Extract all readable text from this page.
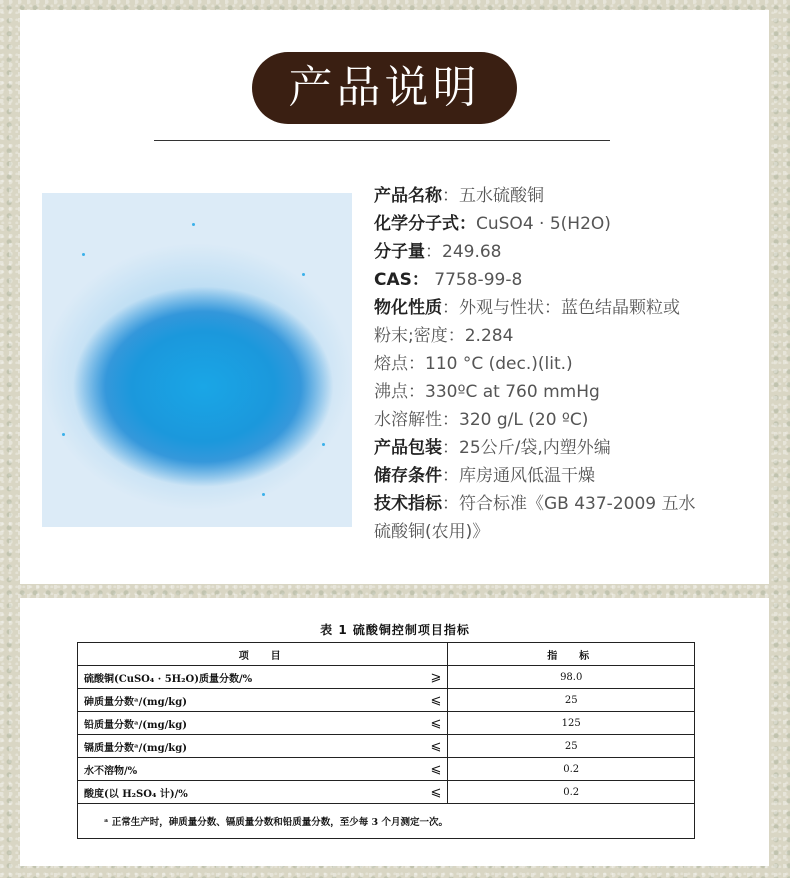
产品说明
产品名称：五水硫酸铜
化学分子式：CuSO4 · 5(H2O)
分子量：249.68
CAS： 7758-99-8
物化性质：外观与性状：蓝色结晶颗粒或
粉末;密度：2.284
熔点：110 °C (dec.)(lit.)
沸点：330ºC at 760 mmHg
水溶解性：320 g/L (20 ºC)
产品包装：25公斤/袋,内塑外编
储存条件：库房通风低温干燥
技术指标：符合标准《GB 437-2009 五水
硫酸铜(农用)》
表 1 硫酸铜控制项目指标
项　目		指　标
硫酸铜(CuSO₄ · 5H₂O)质量分数/%	⩾	98.0
砷质量分数ᵃ/(mg/kg)	⩽	25
铅质量分数ᵃ/(mg/kg)	⩽	125
镉质量分数ᵃ/(mg/kg)	⩽	25
水不溶物/%	⩽	0.2
酸度(以 H₂SO₄ 计)/%	⩽	0.2
ᵃ 正常生产时，砷质量分数、镉质量分数和铅质量分数，至少每 3 个月测定一次。		
